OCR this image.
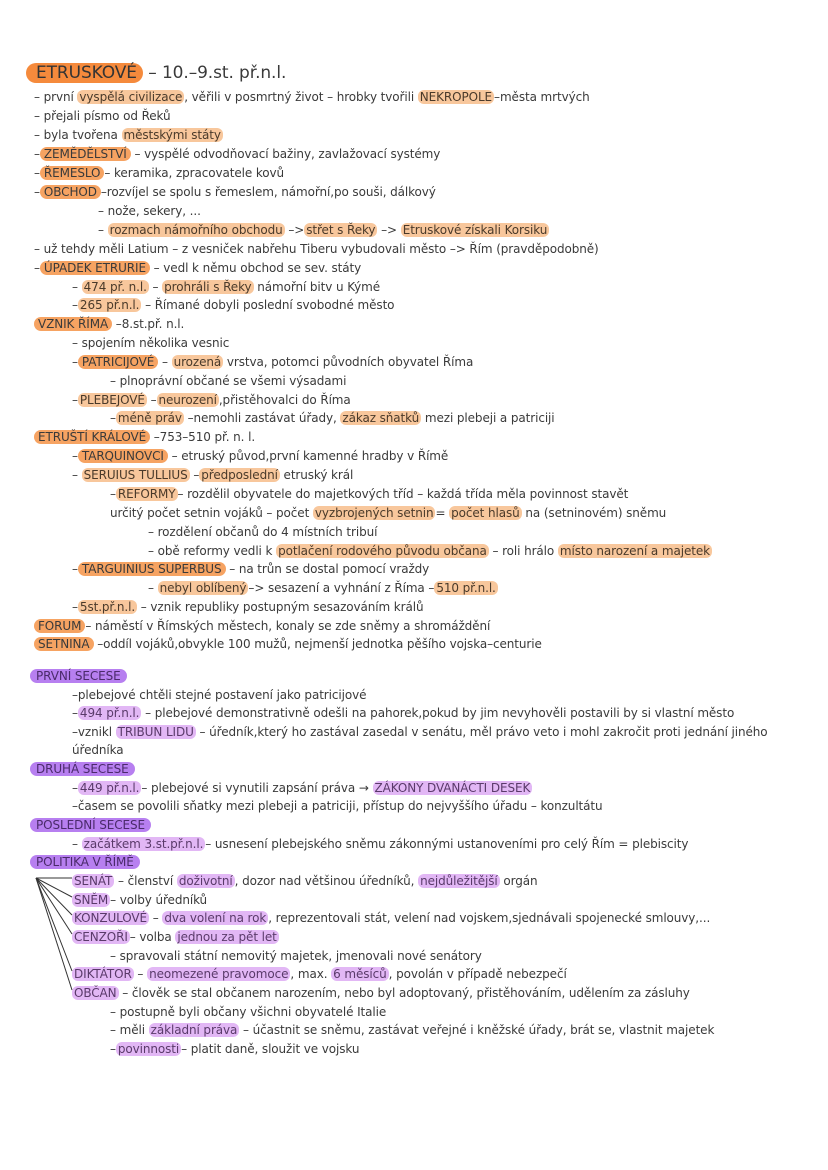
ETRUSKOVÉ – 10.–9.st. př.n.l.
– první vyspělá civilizace , věřili v posmrtný život – hrobky tvořili NEKROPOLE –města mrtvých
– přejali písmo od Řeků
– byla tvořena městskými státy
– ZEMĚDĚLSTVÍ – vyspělé odvodňovací bažiny, zavlažovací systémy
– ŘEMESLO – keramika, zpracovatele kovů
– OBCHOD –rozvíjel se spolu s řemeslem, námořní,po souši, dálkový
– nože, sekery, ...
– rozmach námořního obchodu –> střet s Řeky –> Etruskové získali Korsiku
– už tehdy měli Latium – z vesniček nabřehu Tiberu vybudovali město –> Řím (pravděpodobně)
– ÚPADEK ETRURIE – vedl k němu obchod se sev. státy
– 474 př. n.l. – prohráli s Řeky námořní bitv u Kýmé
– 265 př.n.l. – Římané dobyli poslední svobodné město
VZNIK ŘÍMA –8.st.př. n.l.
– spojením několika vesnic
– PATRICIJOVÉ – urozená vrstva, potomci původních obyvatel Říma
– plnoprávní občané se všemi výsadami
– PLEBEJOVÉ – neurození ,přistěhovalci do Říma
– méně práv –nemohli zastávat úřady, zákaz sňatků mezi plebeji a patriciji
ETRUŠTÍ KRÁLOVÉ –753–510 př. n. l.
– TARQUINOVCI – etruský původ,první kamenné hradby v Římě
– SERUIUS TULLIUS – předposlední etruský král
– REFORMY – rozdělil obyvatele do majetkových tříd – každá třída měla povinnost stavět
určitý počet setnin vojáků – počet vyzbrojených setnin = počet hlasů na (setninovém) sněmu
– rozdělení občanů do 4 místních tribuí
– obě reformy vedli k potlačení rodového původu občana – roli hrálo místo narození a majetek
– TARGUINIUS SUPERBUS – na trůn se dostal pomocí vraždy
– nebyl oblíbený –> sesazení a vyhnání z Říma – 510 př.n.l.
– 5st.př.n.l. – vznik republiky postupným sesazováním králů
FORUM – náměstí v Římských městech, konaly se zde sněmy a shromáždění
SETNINA –oddíl vojáků,obvykle 100 mužů, nejmenší jednotka pěšího vojska–centurie
PRVNÍ SECESE
–plebejové chtěli stejné postavení jako patricijové
– 494 př.n.l. – plebejové demonstrativně odešli na pahorek,pokud by jim nevyhověli postavili by si vlastní město
–vznikl TRIBUN LIDU – úředník,který ho zastával zasedal v senátu, měl právo veto i mohl zakročit proti jednání jiného
úředníka
DRUHÁ SECESE
– 449 př.n.l. – plebejové si vynutili zapsání práva → ZÁKONY DVANÁCTI DESEK
–časem se povolili sňatky mezi plebeji a patriciji, přístup do nejvyššího úřadu – konzultátu
POSLEDNÍ SECESE
– začátkem 3.st.př.n.l. – usnesení plebejského sněmu zákonnými ustanoveními pro celý Řím = plebiscity
POLITIKA V ŘÍMĚ
SENÁT – členství doživotní , dozor nad většinou úředníků, nejdůležitější orgán
SNĚM – volby úředníků
KONZULOVÉ – dva volení na rok , reprezentovali stát, velení nad vojskem,sjednávali spojenecké smlouvy,...
CENZOŘI – volba jednou za pět let
– spravovali státní nemovitý majetek, jmenovali nové senátory
DIKTÁTOR – neomezené pravomoce , max. 6 měsíců , povolán v případě nebezpečí
OBČAN – člověk se stal občanem narozením, nebo byl adoptovaný, přistěhováním, udělením za zásluhy
– postupně byli občany všichni obyvatelé Italie
– měli základní práva – účastnit se sněmu, zastávat veřejné i kněžské úřady, brát se, vlastnit majetek
– povinnosti – platit daně, sloužit ve vojsku
